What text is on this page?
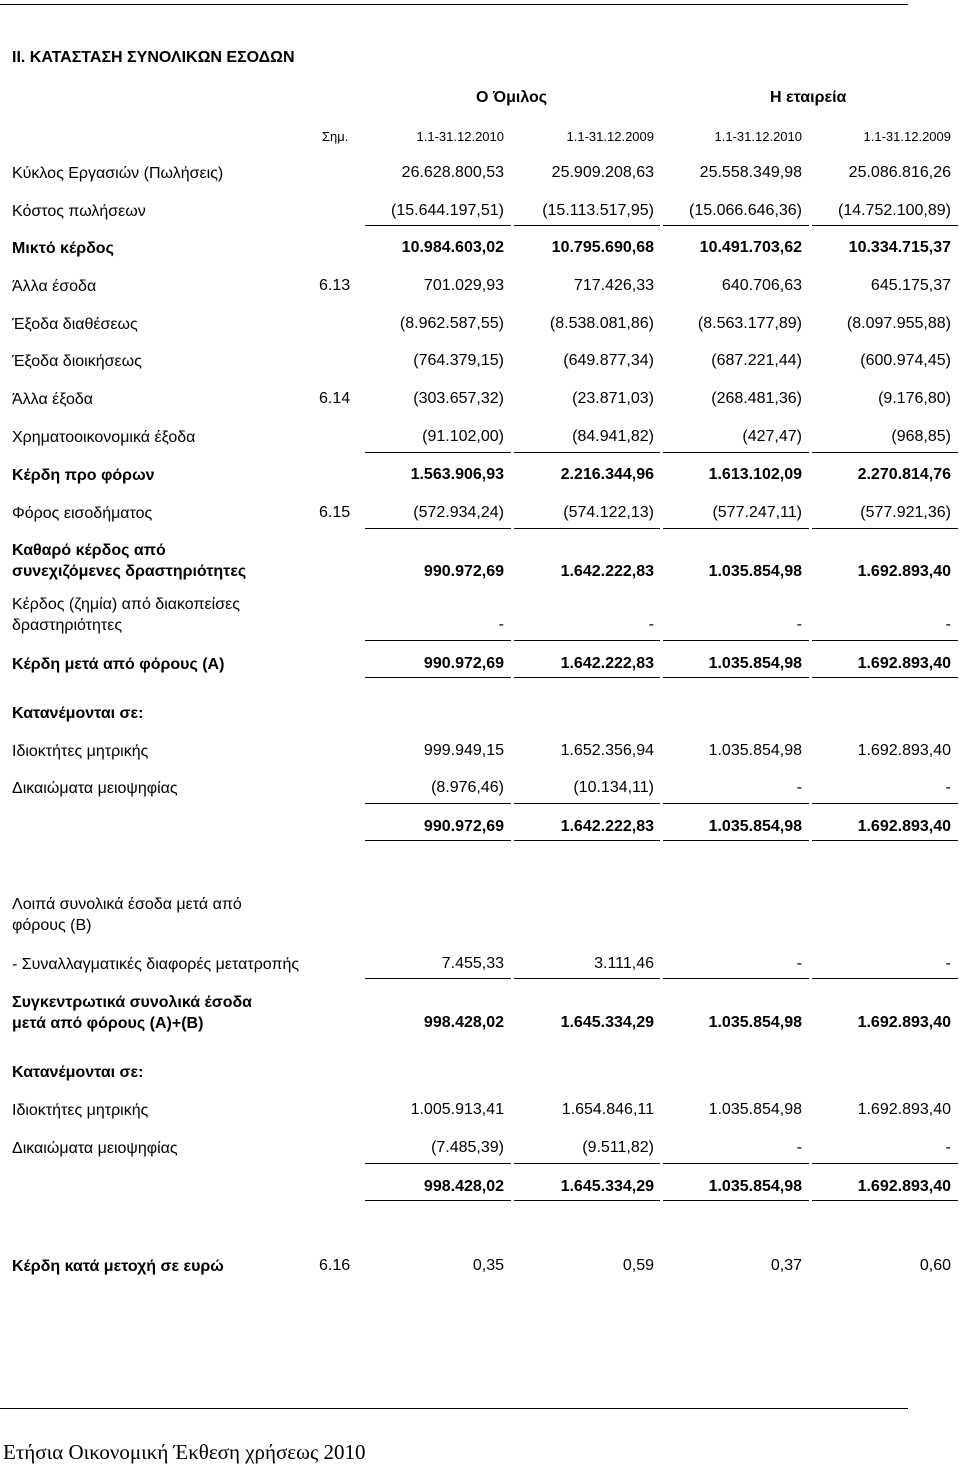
II. ΚΑΤΑΣΤΑΣΗ ΣΥΝΟΛΙΚΩΝ ΕΣΟΔΩΝ
Ο Όμιλος	Η εταιρεία
Σημ.	1.1-31.12.2010	1.1-31.12.2009	1.1-31.12.2010	1.1-31.12.2009
Κύκλος Εργασιών (Πωλήσεις)	26.628.800,53	25.909.208,63	25.558.349,98	25.086.816,26
Κόστος πωλήσεων	(15.644.197,51) (15.113.517,95) (15.066.646,36) (14.752.100,89)
Μικτό κέρδος	10.984.603,02	10.795.690,68	10.491.703,62	10.334.715,37
Άλλα έσοδα	6.13	701.029,93	717.426,33	640.706,63	645.175,37
Έξοδα διαθέσεως	(8.962.587,55)	(8.538.081,86)	(8.563.177,89)	(8.097.955,88)
Έξοδα διοικήσεως	(764.379,15)	(649.877,34)	(687.221,44)	(600.974,45)
Άλλα έξοδα	6.14	(303.657,32)	(23.871,03)	(268.481,36)	(9.176,80)
Χρηματοοικονομικά έξοδα	(91.102,00)	(84.941,82)	(427,47)	(968,85)
Κέρδη προ φόρων	1.563.906,93	2.216.344,96	1.613.102,09	2.270.814,76
Φόρος εισοδήματος	6.15	(572.934,24)	(574.122,13)	(577.247,11)	(577.921,36)
Καθαρό κέρδος από
συνεχιζόμενες δραστηριότητες	990.972,69	1.642.222,83	1.035.854,98	1.692.893,40
Κέρδος (ζημία) από διακοπείσες
δραστηριότητες	-	-	-	-
Κέρδη μετά από φόρους (Α)	990.972,69	1.642.222,83	1.035.854,98	1.692.893,40
Κατανέμονται σε:
Ιδιοκτήτες μητρικής	999.949,15	1.652.356,94	1.035.854,98	1.692.893,40
Δικαιώματα μειοψηφίας	(8.976,46)	(10.134,11)	-	-
990.972,69	1.642.222,83	1.035.854,98	1.692.893,40
Λοιπά συνολικά έσοδα μετά από
φόρους (Β)
- Συναλλαγματικές διαφορές μετατροπής	7.455,33	3.111,46	-	-
Συγκεντρωτικά συνολικά έσοδα
μετά από φόρους (Α)+(Β)	998.428,02	1.645.334,29	1.035.854,98	1.692.893,40
Κατανέμονται σε:
Ιδιοκτήτες μητρικής	1.005.913,41	1.654.846,11	1.035.854,98	1.692.893,40
Δικαιώματα μειοψηφίας	(7.485,39)	(9.511,82)	-	-
998.428,02	1.645.334,29	1.035.854,98	1.692.893,40
Κέρδη κατά μετοχή σε ευρώ	6.16	0,35	0,59	0,37	0,60
Ετήσια Οικονομική Έκθεση χρήσεως 2010
